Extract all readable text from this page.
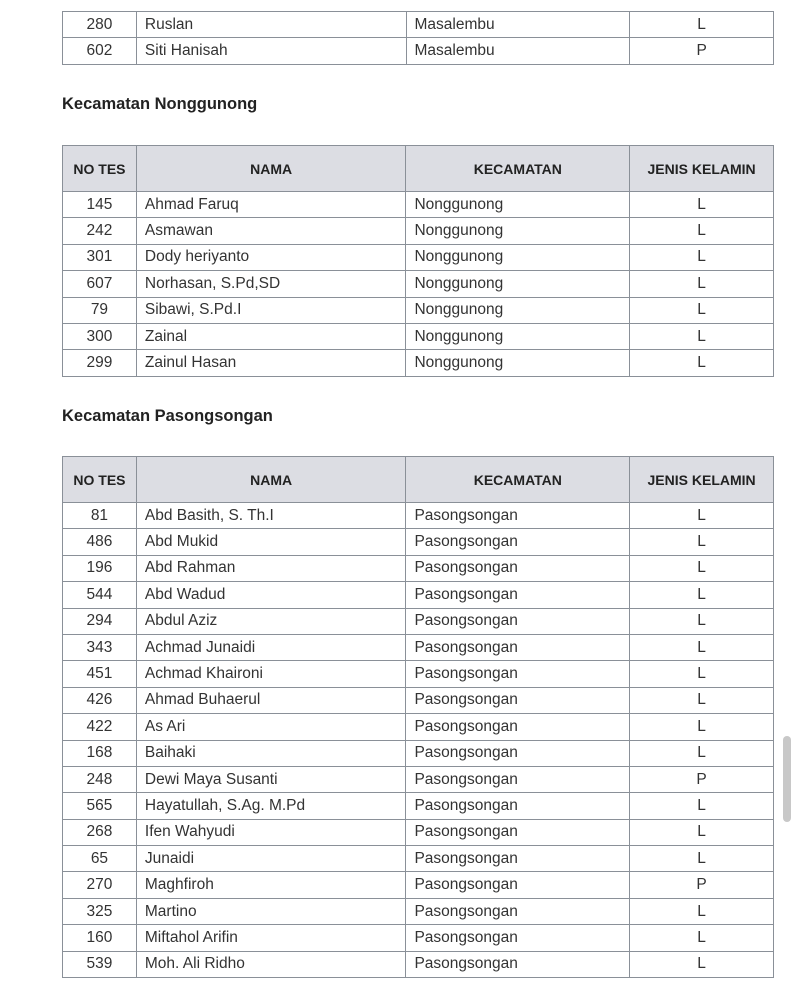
280	Ruslan	Masalembu	L
602	Siti Hanisah	Masalembu	P
Kecamatan Nonggunong
NO TES	NAMA	KECAMATAN	JENIS KELAMIN
145	Ahmad Faruq	Nonggunong	L
242	Asmawan	Nonggunong	L
301	Dody heriyanto	Nonggunong	L
607	Norhasan, S.Pd,SD	Nonggunong	L
79	Sibawi, S.Pd.I	Nonggunong	L
300	Zainal	Nonggunong	L
299	Zainul Hasan	Nonggunong	L
Kecamatan Pasongsongan
NO TES	NAMA	KECAMATAN	JENIS KELAMIN
81	Abd Basith, S. Th.I	Pasongsongan	L
486	Abd Mukid	Pasongsongan	L
196	Abd Rahman	Pasongsongan	L
544	Abd Wadud	Pasongsongan	L
294	Abdul Aziz	Pasongsongan	L
343	Achmad Junaidi	Pasongsongan	L
451	Achmad Khaironi	Pasongsongan	L
426	Ahmad Buhaerul	Pasongsongan	L
422	As Ari	Pasongsongan	L
168	Baihaki	Pasongsongan	L
248	Dewi Maya Susanti	Pasongsongan	P
565	Hayatullah, S.Ag. M.Pd	Pasongsongan	L
268	Ifen Wahyudi	Pasongsongan	L
65	Junaidi	Pasongsongan	L
270	Maghfiroh	Pasongsongan	P
325	Martino	Pasongsongan	L
160	Miftahol Arifin	Pasongsongan	L
539	Moh. Ali Ridho	Pasongsongan	L
